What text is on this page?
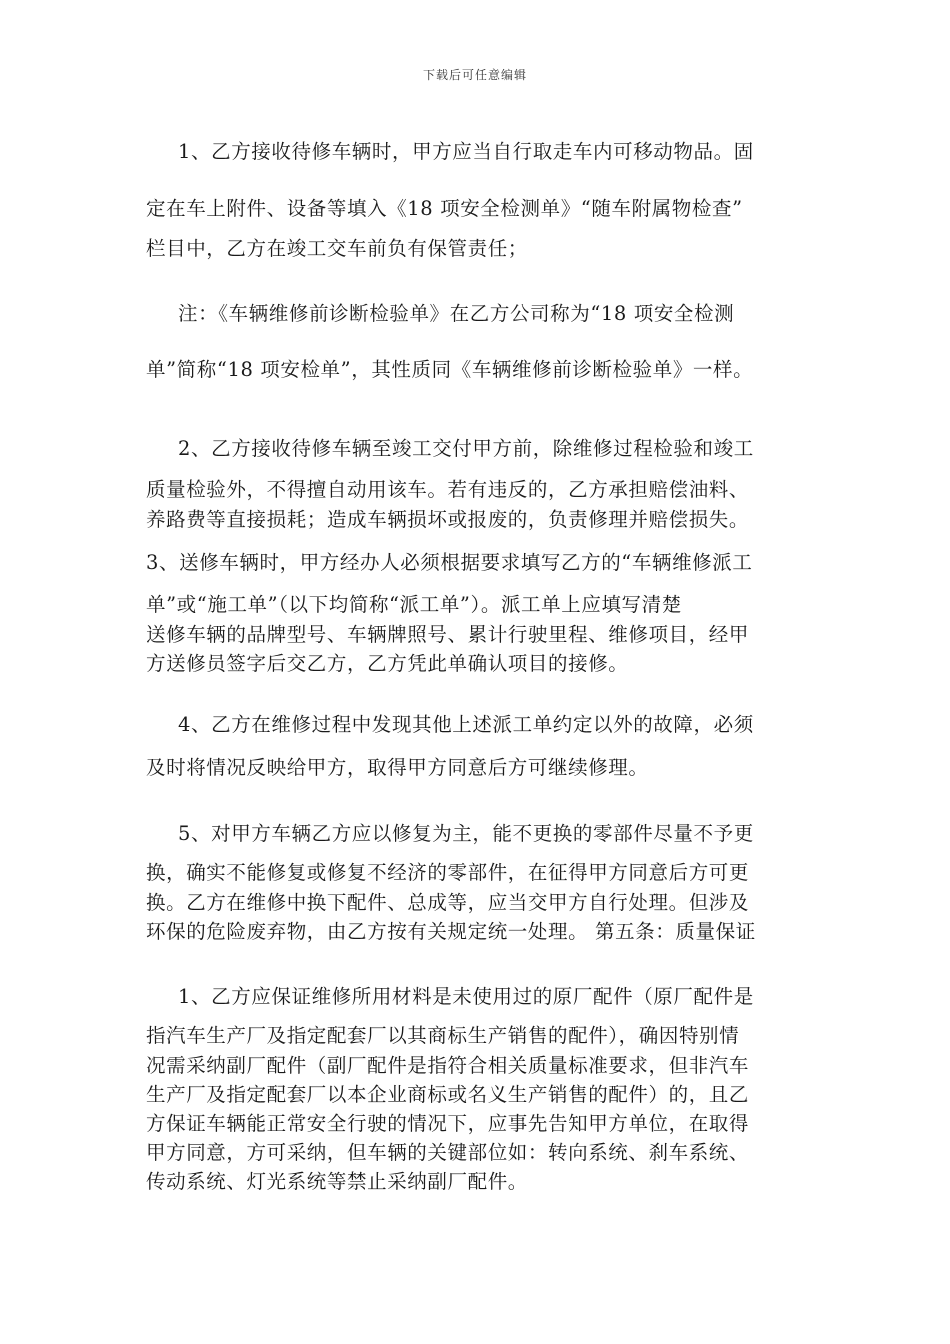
下载后可任意编辑
1、乙方接收待修车辆时，甲方应当自行取走车内可移动物品。固
定在车上附件、设备等填入《18 项安全检测单》“随车附属物检查”
栏目中，乙方在竣工交车前负有保管责任；
注：《车辆维修前诊断检验单》在乙方公司称为“18 项安全检测
单”简称“18 项安检单”，其性质同《车辆维修前诊断检验单》一样。
2、乙方接收待修车辆至竣工交付甲方前，除维修过程检验和竣工
质量检验外，不得擅自动用该车。若有违反的，乙方承担赔偿油料、
养路费等直接损耗；造成车辆损坏或报废的，负责修理并赔偿损失。
3、送修车辆时，甲方经办人必须根据要求填写乙方的“车辆维修派工
单”或“施工单”（以下均简称“派工单”）。派工单上应填写清楚
送修车辆的品牌型号、车辆牌照号、累计行驶里程、维修项目，经甲
方送修员签字后交乙方，乙方凭此单确认项目的接修。
4、乙方在维修过程中发现其他上述派工单约定以外的故障，必须
及时将情况反映给甲方，取得甲方同意后方可继续修理。
5、对甲方车辆乙方应以修复为主，能不更换的零部件尽量不予更
换，确实不能修复或修复不经济的零部件，在征得甲方同意后方可更
换。乙方在维修中换下配件、总成等，应当交甲方自行处理。但涉及
环保的危险废弃物，由乙方按有关规定统一处理。 第五条：质量保证
1、乙方应保证维修所用材料是未使用过的原厂配件（原厂配件是
指汽车生产厂及指定配套厂以其商标生产销售的配件），确因特别情
况需采纳副厂配件（副厂配件是指符合相关质量标准要求，但非汽车
生产厂及指定配套厂以本企业商标或名义生产销售的配件）的，且乙
方保证车辆能正常安全行驶的情况下，应事先告知甲方单位，在取得
甲方同意，方可采纳，但车辆的关键部位如：转向系统、刹车系统、
传动系统、灯光系统等禁止采纳副厂配件。
